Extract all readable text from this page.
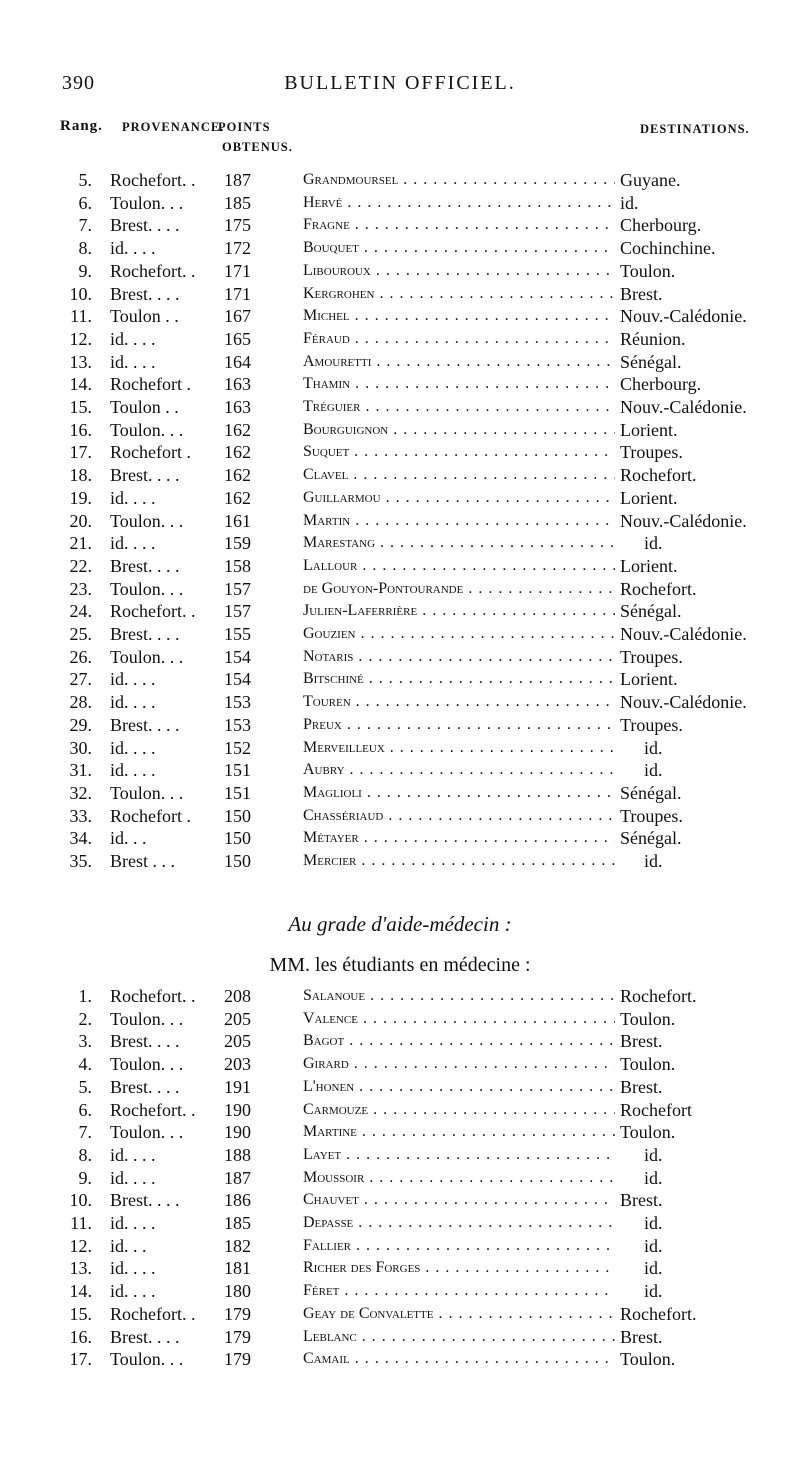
390	BULLETIN OFFICIEL.
Rang. PROVENANCE.
POINTS
OBTENUS.
DESTINATIONS.
5. Rochefort. .	187	Grandmoursel . . .	Guyane.
6. Toulon. . .	185	Hervé . . .	id.
7. Brest. . . .	175	Fragne . . .	Cherbourg.
8. id. . . .	172	Bouquet . . .	Cochinchine.
9. Rochefort. .	171	Libouroux . . .	Toulon.
10. Brest. . . .	171	Kergrohen . . .	Brest.
11. Toulon . .	167	Michel . . .	Nouv.-Calédonie.
12. id. . . .	165	Féraud . . .	Réunion.
13. id. . . .	164	Amouretti . . .	Sénégal.
14. Rochefort .	163	Thamin . . .	Cherbourg.
15. Toulon . .	163	Tréguier . . .	Nouv.-Calédonie.
16. Toulon. . .	162	Bourguignon . . .	Lorient.
17. Rochefort .	162	Suquet . . .	Troupes.
18. Brest. . . .	162	Clavel . . .	Rochefort.
19. id. . . .	162	Guillarmou . . .	Lorient.
20. Toulon. . .	161	Martin . . .	Nouv.-Calédonie.
21. id. . . .	159	Marestang . . .	id.
22. Brest. . . .	158	Lallour . . .	Lorient.
23. Toulon. . .	157	de Gouyon-Pontourande . . .	Rochefort.
24. Rochefort. .	157	Julien-Laferrière . . .	Sénégal.
25. Brest. . . .	155	Gouzien . . .	Nouv.-Calédonie.
26. Toulon. . .	154	Notaris . . .	Troupes.
27. id. . . .	154	Bitschiné . . .	Lorient.
28. id. . . .	153	Touren . . .	Nouv.-Calédonie.
29. Brest. . . .	153	Preux . . .	Troupes.
30. id. . . .	152	Merveilleux . . .	id.
31. id. . . .	151	Aubry . . .	id.
32. Toulon. . .	151	Maglioli . . .	Sénégal.
33. Rochefort .	150	Chassériaud . . .	Troupes.
34. id. . .	150	Métayer . . .	Sénégal.
35. Brest . . .	150	Mercier . . .	id.
Au grade d'aide-médecin :
MM. les étudiants en médecine :
1. Rochefort. .	208	Salanoue . . .	Rochefort.
2. Toulon. . .	205	Valence . . .	Toulon.
3. Brest. . . .	205	Bagot . . .	Brest.
4. Toulon. . .	203	Girard . . .	Toulon.
5. Brest. . . .	191	L'honen . . .	Brest.
6. Rochefort. .	190	Carmouze . . .	Rochefort
7. Toulon. . .	190	Martine . . .	Toulon.
8. id. . . .	188	Layet . . .	id.
9. id. . . .	187	Moussoir . . .	id.
10. Brest. . . .	186	Chauvet . . .	Brest.
11. id. . . .	185	Depasse . . .	id.
12. id. . .	182	Fallier . . .	id.
13. id. . . .	181	Richer des Forges . . .	id.
14. id. . . .	180	Féret . . .	id.
15. Rochefort. .	179	Geay de Convalette . . .	Rochefort.
16. Brest. . . .	179	Leblanc . . .	Brest.
17. Toulon. . .	179	Camail . . .	Toulon.
